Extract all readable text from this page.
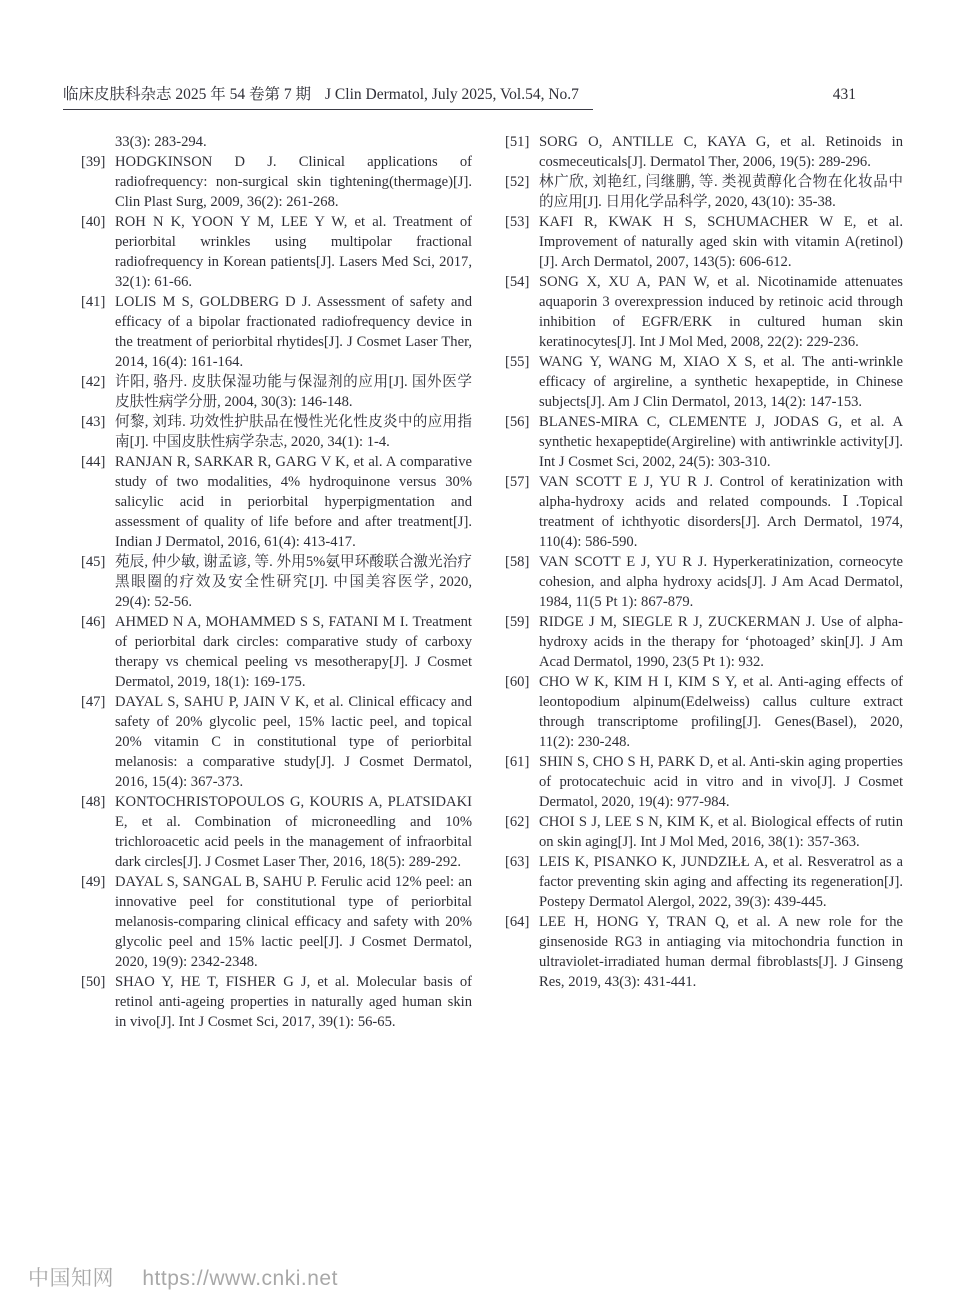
临床皮肤科杂志 2025 年 54 卷第 7 期 J Clin Dermatol, July 2025, Vol.54, No.7	431
33(3): 283-294.
[39] HODGKINSON D J. Clinical applications of radiofrequency: non-surgical skin tightening(thermage)[J]. Clin Plast Surg, 2009, 36(2): 261-268.
[40] ROH N K, YOON Y M, LEE Y W, et al. Treatment of periorbital wrinkles using multipolar fractional radiofrequency in Korean patients[J]. Lasers Med Sci, 2017, 32(1): 61-66.
[41] LOLIS M S, GOLDBERG D J. Assessment of safety and efficacy of a bipolar fractionated radiofrequency device in the treatment of periorbital rhytides[J]. J Cosmet Laser Ther, 2014, 16(4): 161-164.
[42] 许阳, 骆丹. 皮肤保湿功能与保湿剂的应用[J]. 国外医学皮肤性病学分册, 2004, 30(3): 146-148.
[43] 何黎, 刘玮. 功效性护肤品在慢性光化性皮炎中的应用指南[J]. 中国皮肤性病学杂志, 2020, 34(1): 1-4.
[44] RANJAN R, SARKAR R, GARG V K, et al. A comparative study of two modalities, 4% hydroquinone versus 30% salicylic acid in periorbital hyperpigmentation and assessment of quality of life before and after treatment[J]. Indian J Dermatol, 2016, 61(4): 413-417.
[45] 苑辰, 仲少敏, 谢孟谚, 等. 外用5%氨甲环酸联合激光治疗黑眼圈的疗效及安全性研究[J]. 中国美容医学, 2020, 29(4): 52-56.
[46] AHMED N A, MOHAMMED S S, FATANI M I. Treatment of periorbital dark circles: comparative study of carboxy therapy vs chemical peeling vs mesotherapy[J]. J Cosmet Dermatol, 2019, 18(1): 169-175.
[47] DAYAL S, SAHU P, JAIN V K, et al. Clinical efficacy and safety of 20% glycolic peel, 15% lactic peel, and topical 20% vitamin C in constitutional type of periorbital melanosis: a comparative study[J]. J Cosmet Dermatol, 2016, 15(4): 367-373.
[48] KONTOCHRISTOPOULOS G, KOURIS A, PLATSIDAKI E, et al. Combination of microneedling and 10% trichloroacetic acid peels in the management of infraorbital dark circles[J]. J Cosmet Laser Ther, 2016, 18(5): 289-292.
[49] DAYAL S, SANGAL B, SAHU P. Ferulic acid 12% peel: an innovative peel for constitutional type of periorbital melanosis-comparing clinical efficacy and safety with 20% glycolic peel and 15% lactic peel[J]. J Cosmet Dermatol, 2020, 19(9): 2342-2348.
[50] SHAO Y, HE T, FISHER G J, et al. Molecular basis of retinol anti-ageing properties in naturally aged human skin in vivo[J]. Int J Cosmet Sci, 2017, 39(1): 56-65.
[51] SORG O, ANTILLE C, KAYA G, et al. Retinoids in cosmeceuticals[J]. Dermatol Ther, 2006, 19(5): 289-296.
[52] 林广欣, 刘艳红, 闫继鹏, 等. 类视黄醇化合物在化妆品中的应用[J]. 日用化学品科学, 2020, 43(10): 35-38.
[53] KAFI R, KWAK H S, SCHUMACHER W E, et al. Improvement of naturally aged skin with vitamin A(retinol)[J]. Arch Dermatol, 2007, 143(5): 606-612.
[54] SONG X, XU A, PAN W, et al. Nicotinamide attenuates aquaporin 3 overexpression induced by retinoic acid through inhibition of EGFR/ERK in cultured human skin keratinocytes[J]. Int J Mol Med, 2008, 22(2): 229-236.
[55] WANG Y, WANG M, XIAO X S, et al. The anti-wrinkle efficacy of argireline, a synthetic hexapeptide, in Chinese subjects[J]. Am J Clin Dermatol, 2013, 14(2): 147-153.
[56] BLANES-MIRA C, CLEMENTE J, JODAS G, et al. A synthetic hexapeptide(Argireline) with antiwrinkle activity[J]. Int J Cosmet Sci, 2002, 24(5): 303-310.
[57] VAN SCOTT E J, YU R J. Control of keratinization with alpha-hydroxy acids and related compounds. Ⅰ.Topical treatment of ichthyotic disorders[J]. Arch Dermatol, 1974, 110(4): 586-590.
[58] VAN SCOTT E J, YU R J. Hyperkeratinization, corneocyte cohesion, and alpha hydroxy acids[J]. J Am Acad Dermatol, 1984, 11(5 Pt 1): 867-879.
[59] RIDGE J M, SIEGLE R J, ZUCKERMAN J. Use of alpha-hydroxy acids in the therapy for ‘photoaged’ skin[J]. J Am Acad Dermatol, 1990, 23(5 Pt 1): 932.
[60] CHO W K, KIM H I, KIM S Y, et al. Anti-aging effects of leontopodium alpinum(Edelweiss) callus culture extract through transcriptome profiling[J]. Genes(Basel), 2020, 11(2): 230-248.
[61] SHIN S, CHO S H, PARK D, et al. Anti-skin aging properties of protocatechuic acid in vitro and in vivo[J]. J Cosmet Dermatol, 2020, 19(4): 977-984.
[62] CHOI S J, LEE S N, KIM K, et al. Biological effects of rutin on skin aging[J]. Int J Mol Med, 2016, 38(1): 357-363.
[63] LEIS K, PISANKO K, JUNDZIŁŁ A, et al. Resveratrol as a factor preventing skin aging and affecting its regeneration[J]. Postepy Dermatol Alergol, 2022, 39(3): 439-445.
[64] LEE H, HONG Y, TRAN Q, et al. A new role for the ginsenoside RG3 in antiaging via mitochondria function in ultraviolet-irradiated human dermal fibroblasts[J]. J Ginseng Res, 2019, 43(3): 431-441.
中国知网 https://www.cnki.net
